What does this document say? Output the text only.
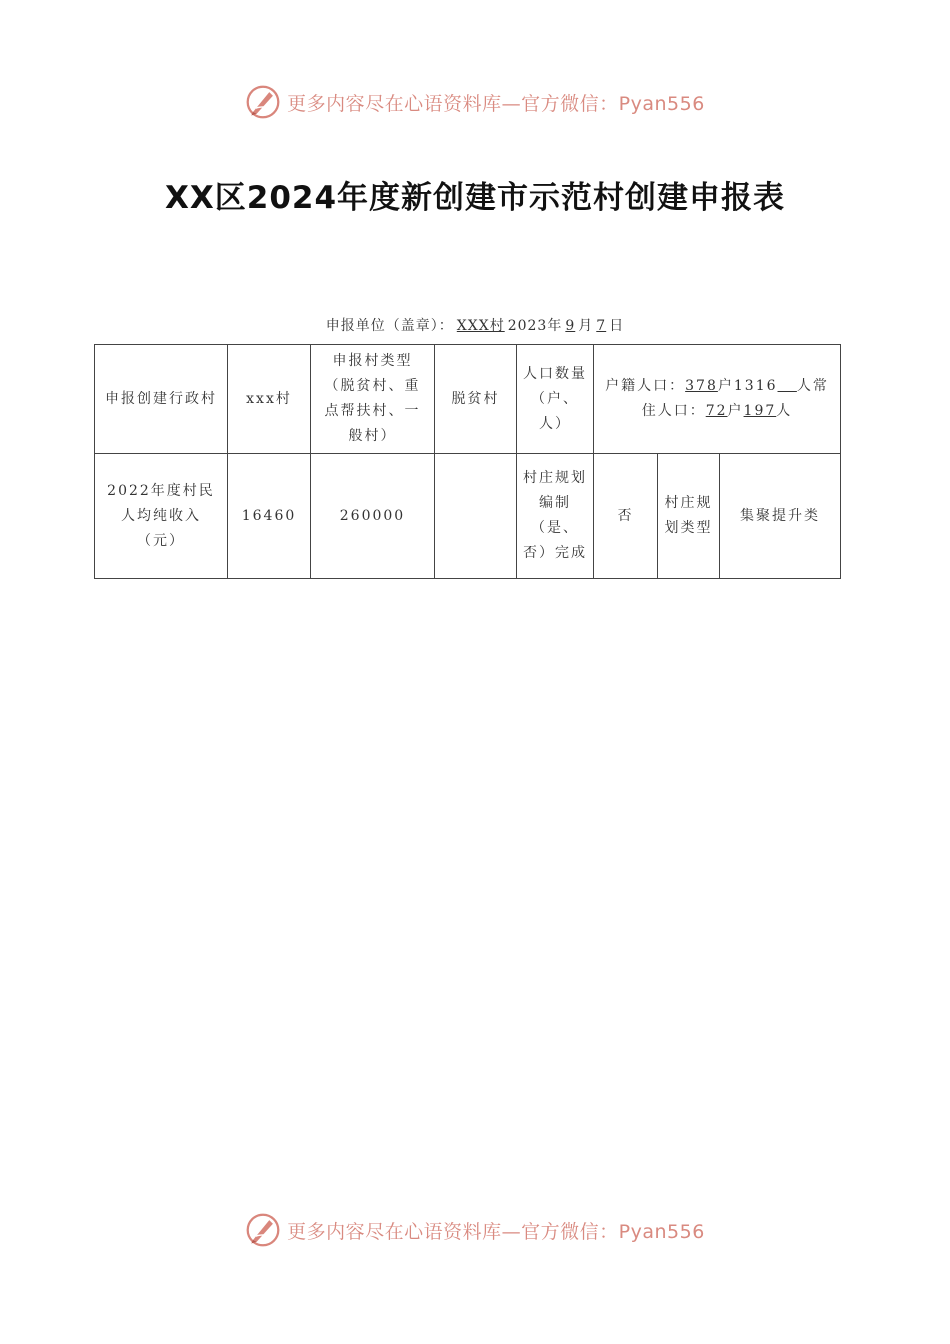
更多内容尽在心语资料库—官方微信：Pyan556
XX区2024年度新创建市示范村创建申报表
申报单位（盖章）： XXX村 2023年 9 月 7 日
申报创建行政村	xxx村	申报村类型（脱贫村、重点帮扶村、一般村）	脱贫村	人口数量（户、人）	户籍人口：378户1316 人常住人口：72户197人		
2022年度村民人均纯收入（元）	16460	260000		村庄规划编制（是、否）完成	否	村庄规划类型	集聚提升类
更多内容尽在心语资料库—官方微信：Pyan556
